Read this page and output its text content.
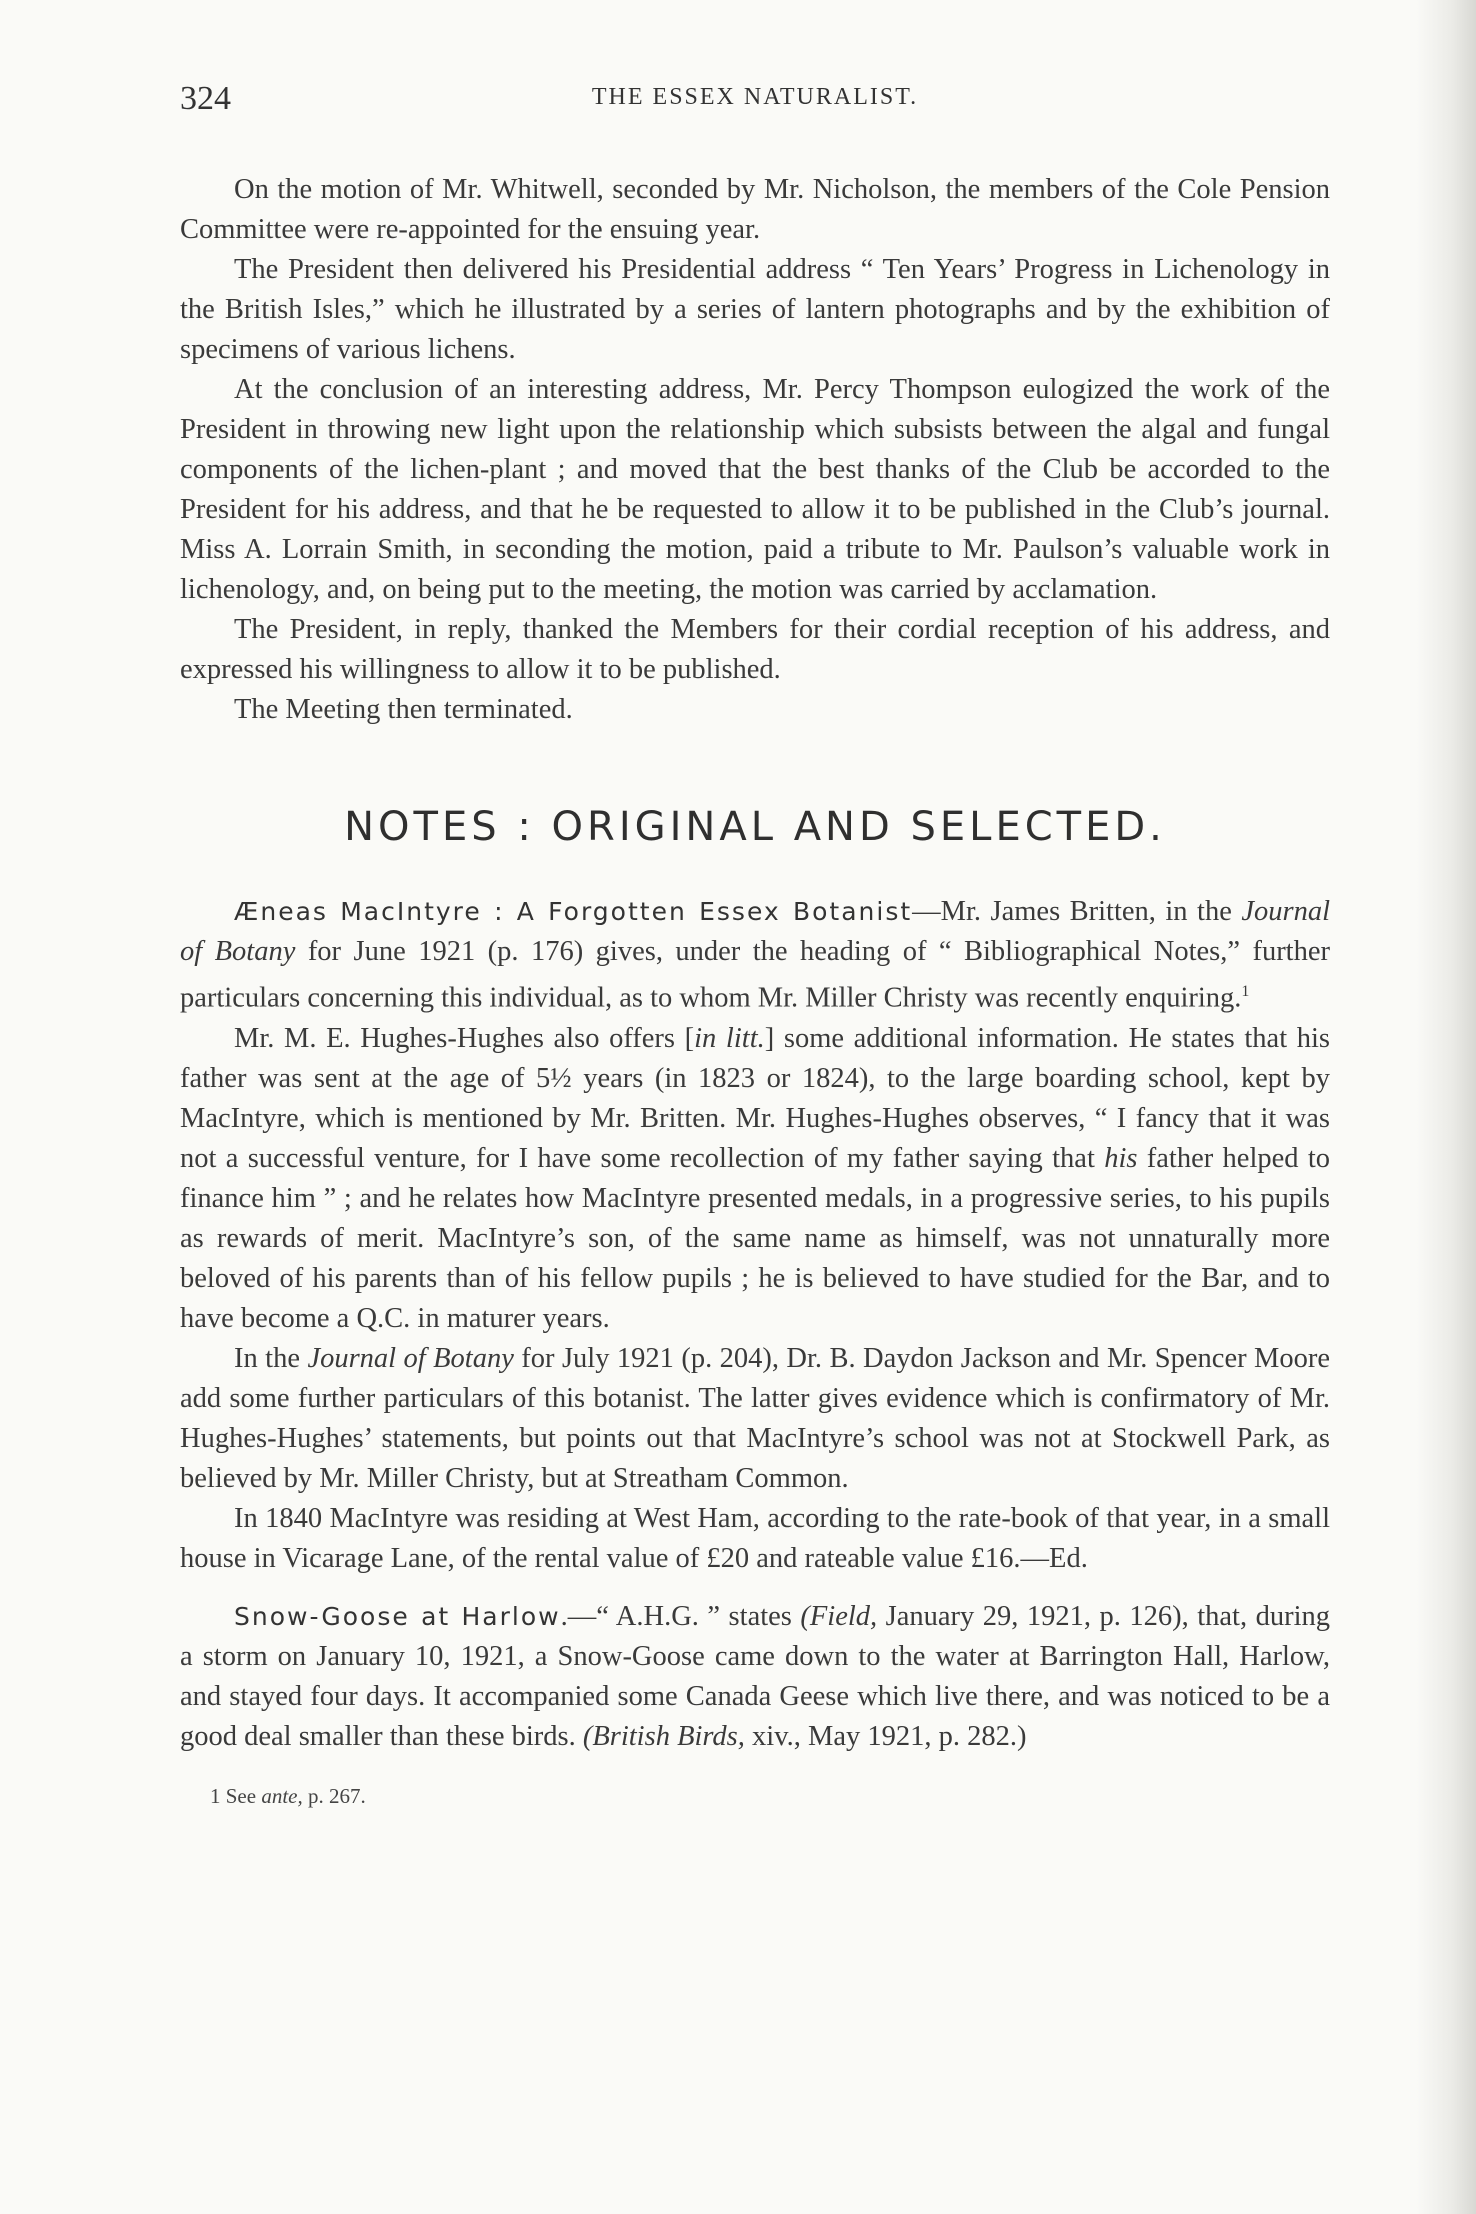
324	THE ESSEX NATURALIST.

On the motion of Mr. Whitwell, seconded by Mr. Nicholson, the members of the Cole Pension Committee were re-appointed for the ensuing year.

The President then delivered his Presidential address “ Ten Years’ Progress in Lichenology in the British Isles,” which he illustrated by a series of lantern photographs and by the exhibition of specimens of various lichens.

At the conclusion of an interesting address, Mr. Percy Thompson eulogized the work of the President in throwing new light upon the relationship which subsists between the algal and fungal components of the lichen-plant ; and moved that the best thanks of the Club be accorded to the President for his address, and that he be requested to allow it to be published in the Club’s journal. Miss A. Lorrain Smith, in seconding the motion, paid a tribute to Mr. Paulson’s valuable work in lichenology, and, on being put to the meeting, the motion was carried by acclamation.

The President, in reply, thanked the Members for their cordial reception of his address, and expressed his willingness to allow it to be published.

The Meeting then terminated.

NOTES : ORIGINAL AND SELECTED.

Æneas MacIntyre : A Forgotten Essex Botanist—Mr. James Britten, in the Journal of Botany for June 1921 (p. 176) gives, under the heading of “ Bibliographical Notes,” further particulars concerning this individual, as to whom Mr. Miller Christy was recently enquiring.$^1$

Mr. M. E. Hughes-Hughes also offers [in litt.] some additional information. He states that his father was sent at the age of 5½ years (in 1823 or 1824), to the large boarding school, kept by MacIntyre, which is mentioned by Mr. Britten. Mr. Hughes-Hughes observes, “ I fancy that it was not a successful venture, for I have some recollection of my father saying that his father helped to finance him ” ; and he relates how MacIntyre presented medals, in a progressive series, to his pupils as rewards of merit. MacIntyre’s son, of the same name as himself, was not unnaturally more beloved of his parents than of his fellow pupils ; he is believed to have studied for the Bar, and to have become a Q.C. in maturer years.

In the Journal of Botany for July 1921 (p. 204), Dr. B. Daydon Jackson and Mr. Spencer Moore add some further particulars of this botanist. The latter gives evidence which is confirmatory of Mr. Hughes-Hughes’ statements, but points out that MacIntyre’s school was not at Stockwell Park, as believed by Mr. Miller Christy, but at Streatham Common.

In 1840 MacIntyre was residing at West Ham, according to the rate-book of that year, in a small house in Vicarage Lane, of the rental value of £20 and rateable value £16.—Ed.

Snow-Goose at Harlow.—“ A.H.G. ” states (Field, January 29, 1921, p. 126), that, during a storm on January 10, 1921, a Snow-Goose came down to the water at Barrington Hall, Harlow, and stayed four days. It accompanied some Canada Geese which live there, and was noticed to be a good deal smaller than these birds. (British Birds, xiv., May 1921, p. 282.)

1 See ante, p. 267.
